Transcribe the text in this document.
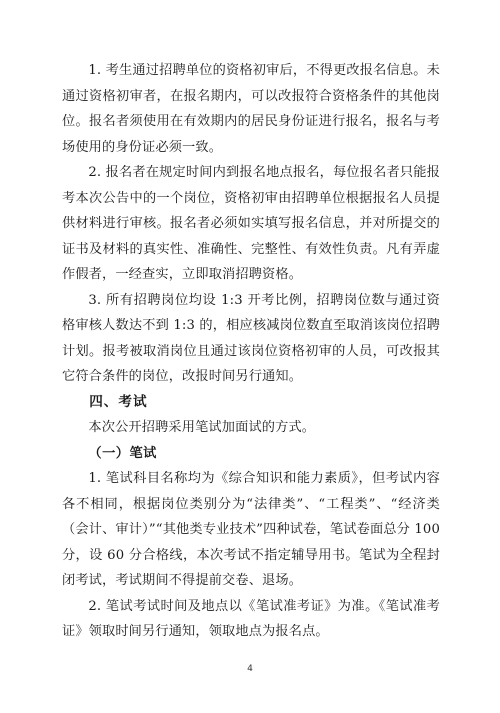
1. 考生通过招聘单位的资格初审后，不得更改报名信息。未通过资格初审者，在报名期内，可以改报符合资格条件的其他岗位。报名者须使用在有效期内的居民身份证进行报名，报名与考场使用的身份证必须一致。

2. 报名者在规定时间内到报名地点报名，每位报名者只能报考本次公告中的一个岗位，资格初审由招聘单位根据报名人员提供材料进行审核。报名者必须如实填写报名信息，并对所提交的证书及材料的真实性、准确性、完整性、有效性负责。凡有弄虚作假者，一经查实，立即取消招聘资格。

3. 所有招聘岗位均设 1:3 开考比例，招聘岗位数与通过资格审核人数达不到 1:3 的，相应核减岗位数直至取消该岗位招聘计划。报考被取消岗位且通过该岗位资格初审的人员，可改报其它符合条件的岗位，改报时间另行通知。

四、考试

本次公开招聘采用笔试加面试的方式。

（一）笔试

1. 笔试科目名称均为《综合知识和能力素质》，但考试内容各不相同，根据岗位类别分为“法律类”、“工程类”、“经济类（会计、审计）”“其他类专业技术”四种试卷，笔试卷面总分 100 分，设 60 分合格线，本次考试不指定辅导用书。笔试为全程封闭考试，考试期间不得提前交卷、退场。

2. 笔试考试时间及地点以《笔试准考证》为准。《笔试准考证》领取时间另行通知，领取地点为报名点。

4
